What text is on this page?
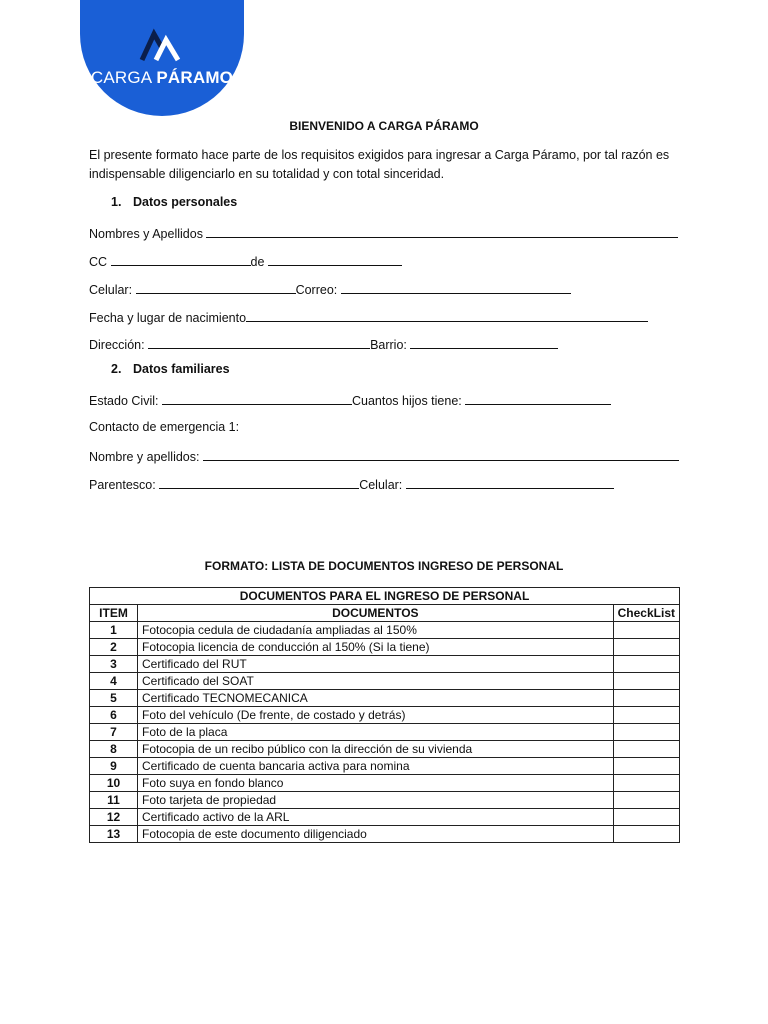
CARGA PÁRAMO
BIENVENIDO A CARGA PÁRAMO
El presente formato hace parte de los requisitos exigidos para ingresar a Carga Páramo, por tal razón es indispensable diligenciarlo en su totalidad y con total sinceridad.
1. Datos personales
Nombres y Apellidos
CC	de
Celular:	Correo:
Fecha y lugar de nacimiento
Dirección:	Barrio:
2. Datos familiares
Estado Civil:	Cuantos hijos tiene:
Contacto de emergencia 1:
Nombre y apellidos:
Parentesco:	Celular:
FORMATO: LISTA DE DOCUMENTOS INGRESO DE PERSONAL
DOCUMENTOS PARA EL INGRESO DE PERSONAL		
ITEM	DOCUMENTOS	CheckList
1	Fotocopia cedula de ciudadanía ampliadas al 150%	
2	Fotocopia licencia de conducción al 150% (Si la tiene)	
3	Certificado del RUT	
4	Certificado del SOAT	
5	Certificado TECNOMECANICA	
6	Foto del vehículo (De frente, de costado y detrás)	
7	Foto de la placa	
8	Fotocopia de un recibo público con la dirección de su vivienda	
9	Certificado de cuenta bancaria activa para nomina	
10	Foto suya en fondo blanco	
11	Foto tarjeta de propiedad	
12	Certificado activo de la ARL	
13	Fotocopia de este documento diligenciado	
